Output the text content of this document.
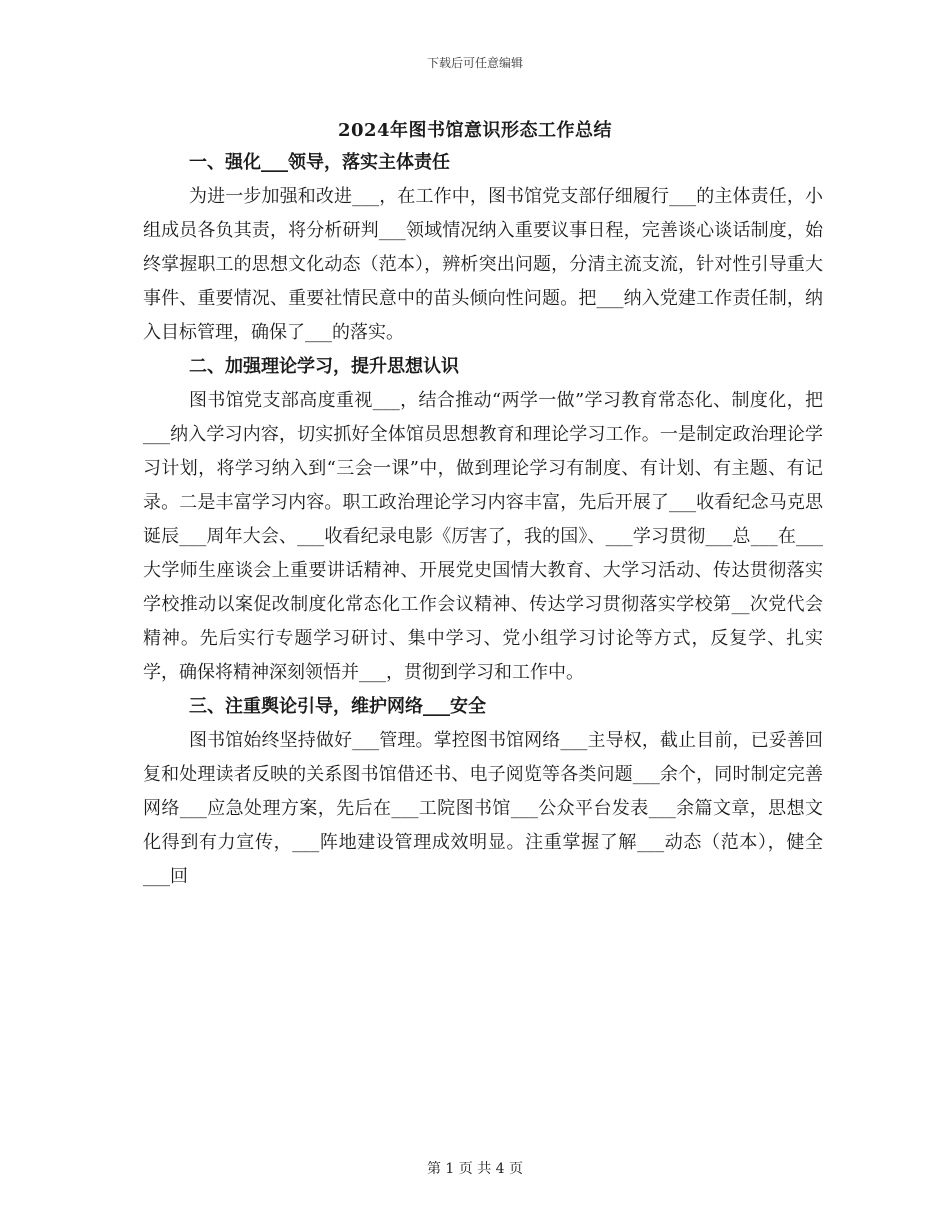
下载后可任意编辑
2024年图书馆意识形态工作总结

一、强化___领导，落实主体责任

为进一步加强和改进___，在工作中，图书馆党支部仔细履行___的主体责任，小组成员各负其责，将分析研判___领域情况纳入重要议事日程，完善谈心谈话制度，始终掌握职工的思想文化动态（范本），辨析突出问题，分清主流支流，针对性引导重大事件、重要情况、重要社情民意中的苗头倾向性问题。把___纳入党建工作责任制，纳入目标管理，确保了___的落实。

二、加强理论学习，提升思想认识

图书馆党支部高度重视___，结合推动“两学一做”学习教育常态化、制度化，把___纳入学习内容，切实抓好全体馆员思想教育和理论学习工作。一是制定政治理论学习计划，将学习纳入到“三会一课”中，做到理论学习有制度、有计划、有主题、有记录。二是丰富学习内容。职工政治理论学习内容丰富，先后开展了___收看纪念马克思诞辰___周年大会、___收看纪录电影《厉害了，我的国》、___学习贯彻___总___在___大学师生座谈会上重要讲话精神、开展党史国情大教育、大学习活动、传达贯彻落实学校推动以案促改制度化常态化工作会议精神、传达学习贯彻落实学校第__次党代会精神。先后实行专题学习研讨、集中学习、党小组学习讨论等方式，反复学、扎实学，确保将精神深刻领悟并___，贯彻到学习和工作中。

三、注重舆论引导，维护网络___安全

图书馆始终坚持做好___管理。掌控图书馆网络___主导权，截止目前，已妥善回复和处理读者反映的关系图书馆借还书、电子阅览等各类问题___余个，同时制定完善网络___应急处理方案，先后在___工院图书馆___公众平台发表___余篇文章，思想文化得到有力宣传，___阵地建设管理成效明显。注重掌握了解___动态（范本），健全___回

第 1 页 共 4 页
